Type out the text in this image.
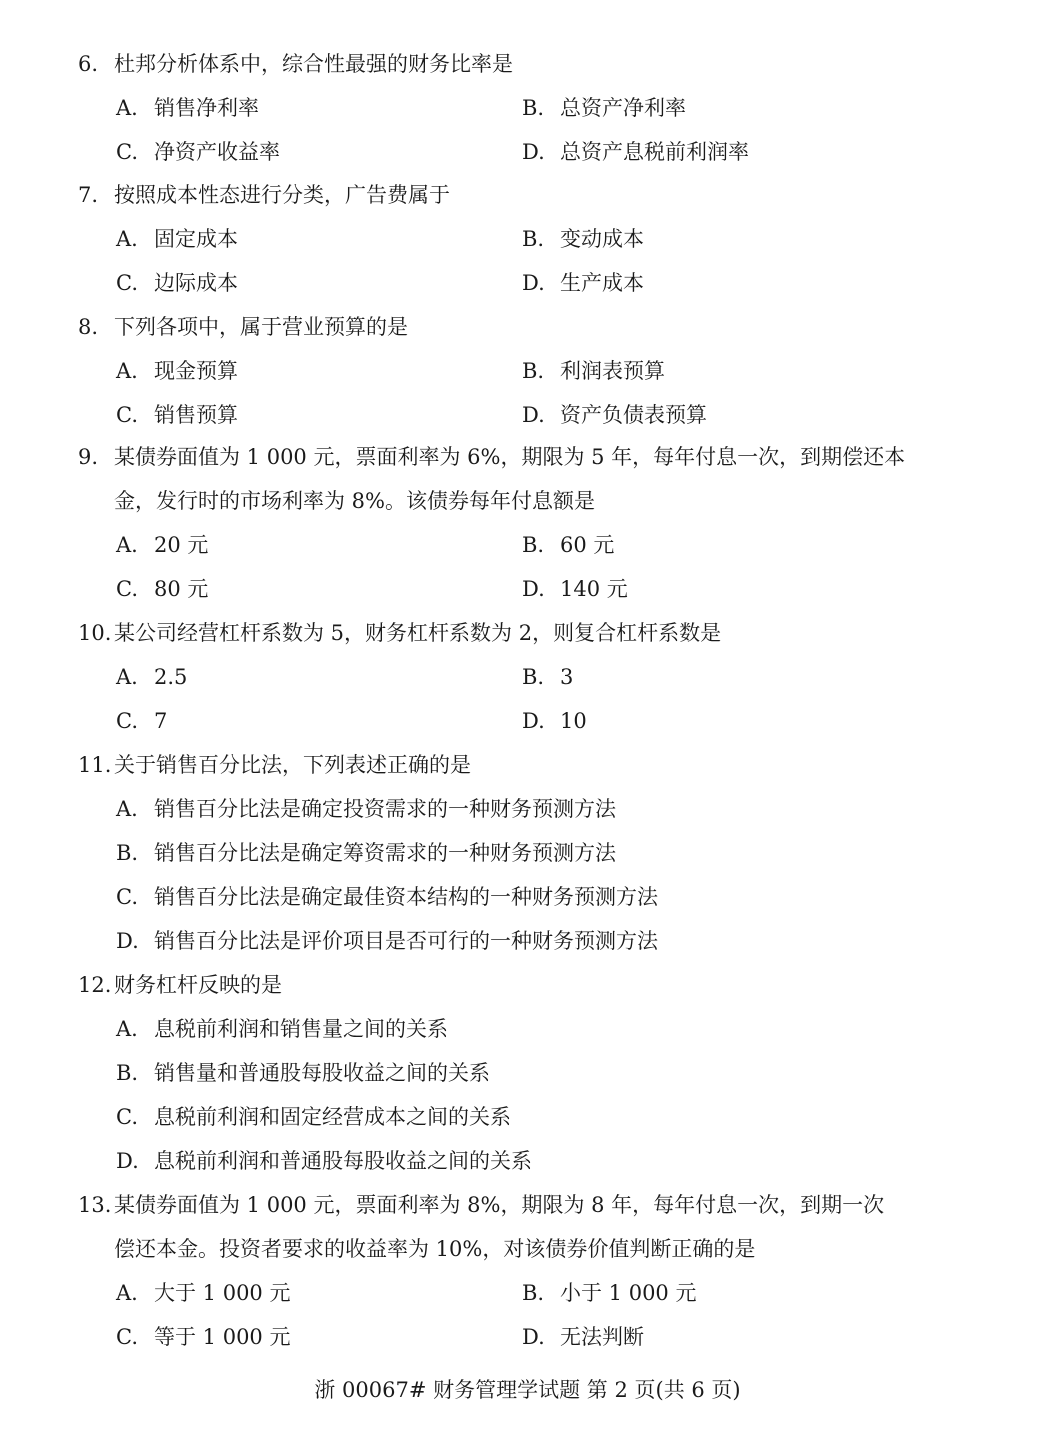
6. 杜邦分析体系中，综合性最强的财务比率是
A. 销售净利率	B. 总资产净利率
C. 净资产收益率	D. 总资产息税前利润率
7. 按照成本性态进行分类，广告费属于
A. 固定成本	B. 变动成本
C. 边际成本	D. 生产成本
8. 下列各项中，属于营业预算的是
A. 现金预算	B. 利润表预算
C. 销售预算	D. 资产负债表预算
9. 某债券面值为 1 000 元，票面利率为 6%，期限为 5 年，每年付息一次，到期偿还本
金，发行时的市场利率为 8%。该债券每年付息额是
A. 20 元	B. 60 元
C. 80 元	D. 140 元
10. 某公司经营杠杆系数为 5，财务杠杆系数为 2，则复合杠杆系数是
A. 2.5	B. 3
C. 7	D. 10
11. 关于销售百分比法，下列表述正确的是
A. 销售百分比法是确定投资需求的一种财务预测方法
B. 销售百分比法是确定筹资需求的一种财务预测方法
C. 销售百分比法是确定最佳资本结构的一种财务预测方法
D. 销售百分比法是评价项目是否可行的一种财务预测方法
12. 财务杠杆反映的是
A. 息税前利润和销售量之间的关系
B. 销售量和普通股每股收益之间的关系
C. 息税前利润和固定经营成本之间的关系
D. 息税前利润和普通股每股收益之间的关系
13. 某债券面值为 1 000 元，票面利率为 8%，期限为 8 年，每年付息一次，到期一次
偿还本金。投资者要求的收益率为 10%，对该债券价值判断正确的是
A. 大于 1 000 元	B. 小于 1 000 元
C. 等于 1 000 元	D. 无法判断
浙 00067# 财务管理学试题 第 2 页(共 6 页)
